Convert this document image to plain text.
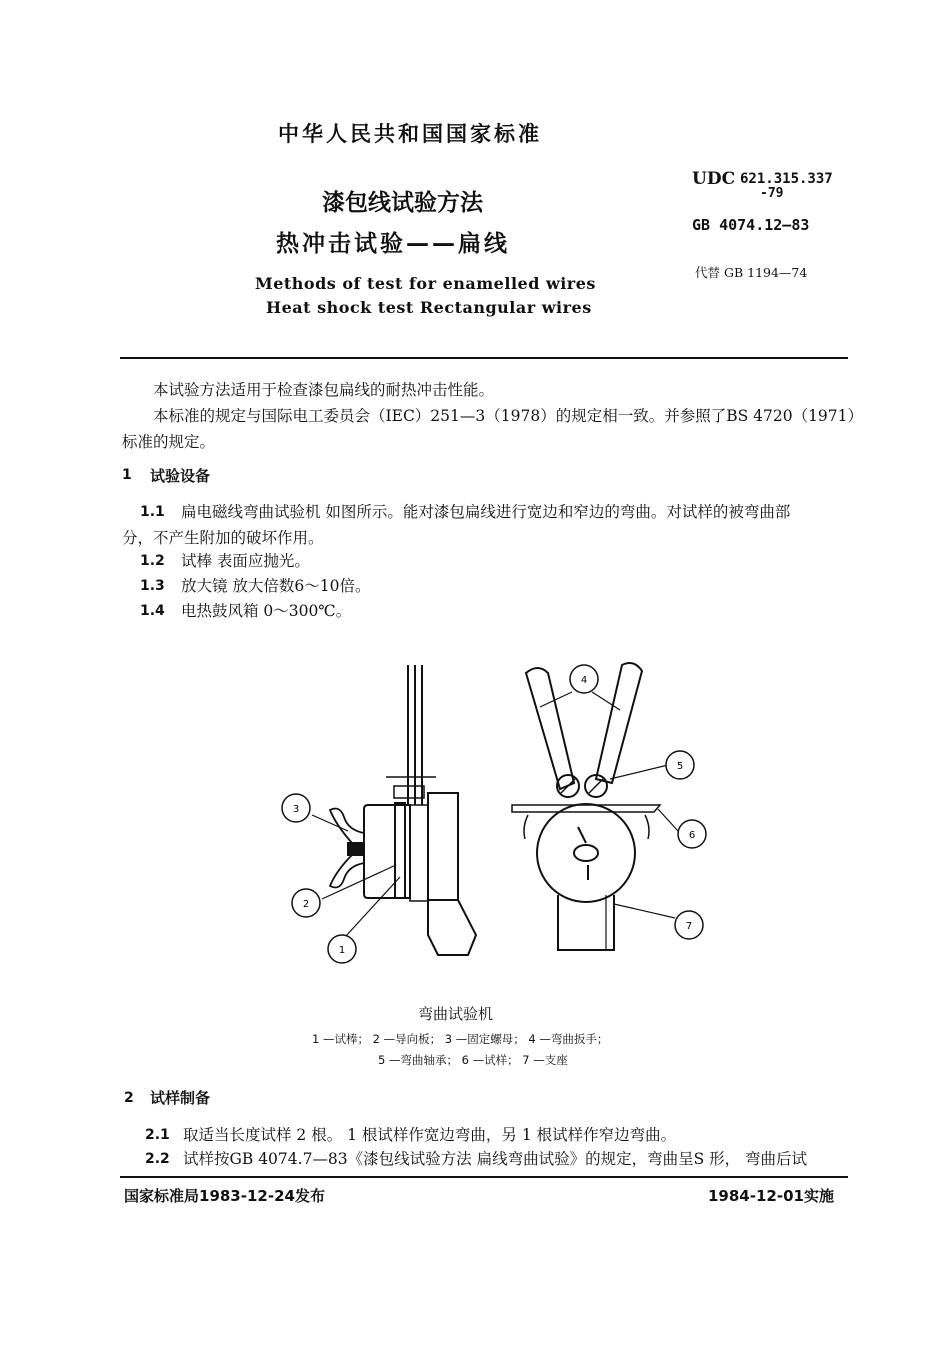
中华人民共和国国家标准
漆包线试验方法
热冲击试验——扁线
Methods of test for enamelled wires
Heat shock test Rectangular wires
UDC 621.315.337
-79
GB 4074.12—83
代替 GB 1194—74
本试验方法适用于检查漆包扁线的耐热冲击性能。
本标准的规定与国际电工委员会（IEC）251—3（1978）的规定相一致。并参照了BS 4720（1971）
标准的规定。
1 试验设备
1.1 扁电磁线弯曲试验机 如图所示。能对漆包扁线进行宽边和窄边的弯曲。对试样的被弯曲部
分，不产生附加的破坏作用。
1.2 试棒 表面应抛光。
1.3 放大镜 放大倍数6～10倍。
1.4 电热鼓风箱 0～300℃。
3
2
1
4
5
6
7
弯曲试验机
1 —试棒； 2 —导向板； 3 —固定螺母； 4 —弯曲扳手；
5 —弯曲轴承； 6 —试样； 7 —支座
2 试样制备
2.1 取适当长度试样 2 根。 1 根试样作宽边弯曲，另 1 根试样作窄边弯曲。
2.2 试样按GB 4074.7—83《漆包线试验方法 扁线弯曲试验》的规定，弯曲呈S 形， 弯曲后试
国家标准局1983-12-24发布	1984-12-01实施
